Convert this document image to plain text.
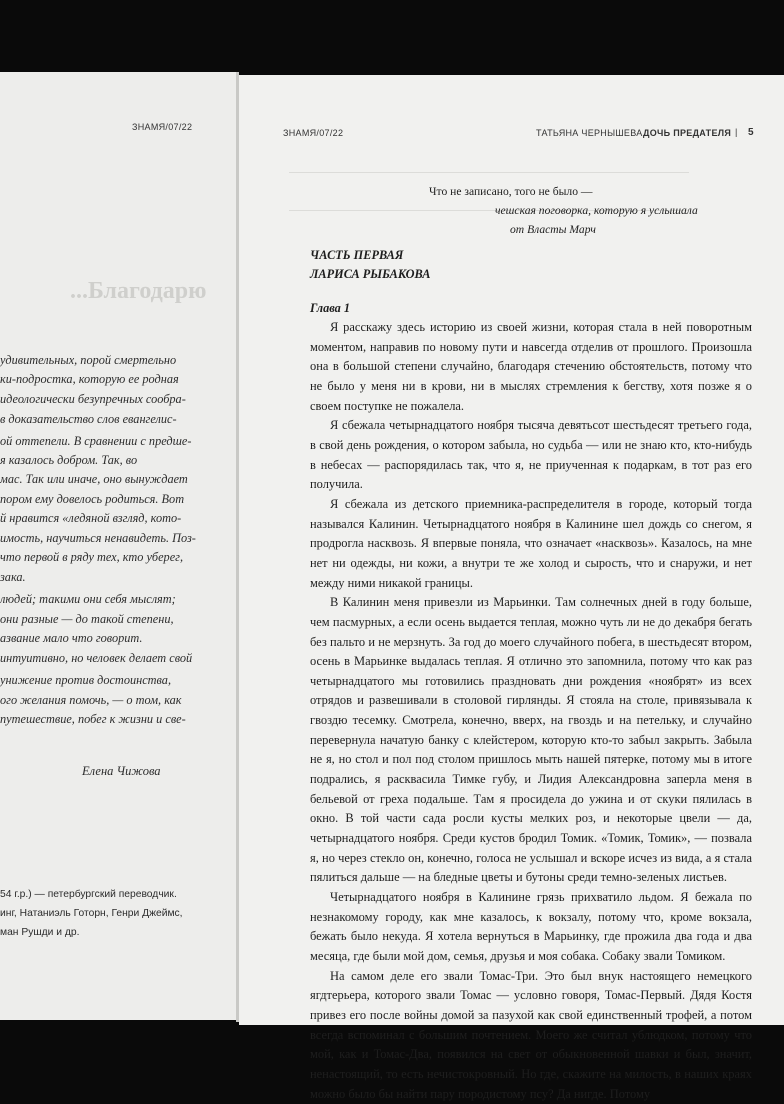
ЗНАМЯ/07/22
...Благодарю
удивительных, порой смертельно
ки-подростка, которую ее родная
идеологически безупречных сообра-
в доказательство слов евангелис-
ой оттепели. В сравнении с предше-
я казалось добром. Так, во
мас. Так или иначе, оно вынуждает
пором ему довелось родиться. Вот
й нравится «ледяной взгляд, кото-
имость, научиться ненавидеть. Поз-
что первой в ряду тех, кто уберег,
зака.
людей; такими они себя мыслят;
они разные — до такой степени,
азвание мало что говорит.
интуитивно, но человек делает свой
унижение против достоинства,
ого желания помочь, — о том, как
путешествие, побег к жизни и све-
Елена Чижова
54 г.р.) — петербургский переводчик.
инг, Натаниэль Готорн, Генри Джеймс,
ман Рушди и др.
ЗНАМЯ/07/22	ТАТЬЯНА ЧЕРНЫШЕВА ДОЧЬ ПРЕДАТЕЛЯ | 5
Что не записано, того не было —
чешская поговорка, которую я услышала
от Власты Марч
ЧАСТЬ ПЕРВАЯ
ЛАРИСА РЫБАКОВА
Глава 1

Я расскажу здесь историю из своей жизни, которая стала в ней поворотным моментом, направив по новому пути и навсегда отделив от прошлого. Произошла она в большой степени случайно, благодаря стечению обстоятельств, потому что не было у меня ни в крови, ни в мыслях стремления к бегству, хотя позже я о своем поступке не пожалела.

Я сбежала четырнадцатого ноября тысяча девятьсот шестьдесят третьего года, в свой день рождения, о котором забыла, но судьба — или не знаю кто, кто-нибудь в небесах — распорядилась так, что я, не приученная к подаркам, в тот раз его получила.

Я сбежала из детского приемника-распределителя в городе, который тогда назывался Калинин. Четырнадцатого ноября в Калинине шел дождь со снегом, я продрогла насквозь. Я впервые поняла, что означает «насквозь». Казалось, на мне нет ни одежды, ни кожи, а внутри те же холод и сырость, что и снаружи, и нет между ними никакой границы.

В Калинин меня привезли из Марьинки. Там солнечных дней в году больше, чем пасмурных, а если осень выдается теплая, можно чуть ли не до декабря бегать без пальто и не мерзнуть. За год до моего случайного побега, в шестьдесят втором, осень в Марьинке выдалась теплая. Я отлично это запомнила, потому что как раз четырнадцатого мы готовились праздновать дни рождения «ноябрят» из всех отрядов и развешивали в столовой гирлянды. Я стояла на столе, привязывала к гвоздю тесемку. Смотрела, конечно, вверх, на гвоздь и на петельку, и случайно перевернула начатую банку с клейстером, которую кто-то забыл закрыть. Забыла не я, но стол и пол под столом пришлось мыть нашей пятерке, потому мы в итоге подрались, я расквасила Тимке губу, и Лидия Александровна заперла меня в бельевой от греха подальше. Там я просидела до ужина и от скуки пялилась в окно. В той части сада росли кусты мелких роз, и некоторые цвели — да, четырнадцатого ноября. Среди кустов бродил Томик. «Томик, Томик», — позвала я, но через стекло он, конечно, голоса не услышал и вскоре исчез из вида, а я стала пялиться дальше — на бледные цветы и бутоны среди темно-зеленых листьев.

Четырнадцатого ноября в Калинине грязь прихватило льдом. Я бежала по незнакомому городу, как мне казалось, к вокзалу, потому что, кроме вокзала, бежать было некуда. Я хотела вернуться в Марьинку, где прожила два года и два месяца, где были мой дом, семья, друзья и моя собака. Собаку звали Томиком.

На самом деле его звали Томас-Три. Это был внук настоящего немецкого ягдтерьера, которого звали Томас — условно говоря, Томас-Первый. Дядя Костя привез его после войны домой за пазухой как свой единственный трофей, а потом всегда вспоминал с большим почтением. Моего же считал ублюдком, потому что мой, как и Томас-Два, появился на свет от обыкновенной шавки и был, значит, ненастоящий, то есть нечистокровный. Но где, скажите на милость, в наших краях можно было бы найти пару породистому псу? Да нигде. Потому
